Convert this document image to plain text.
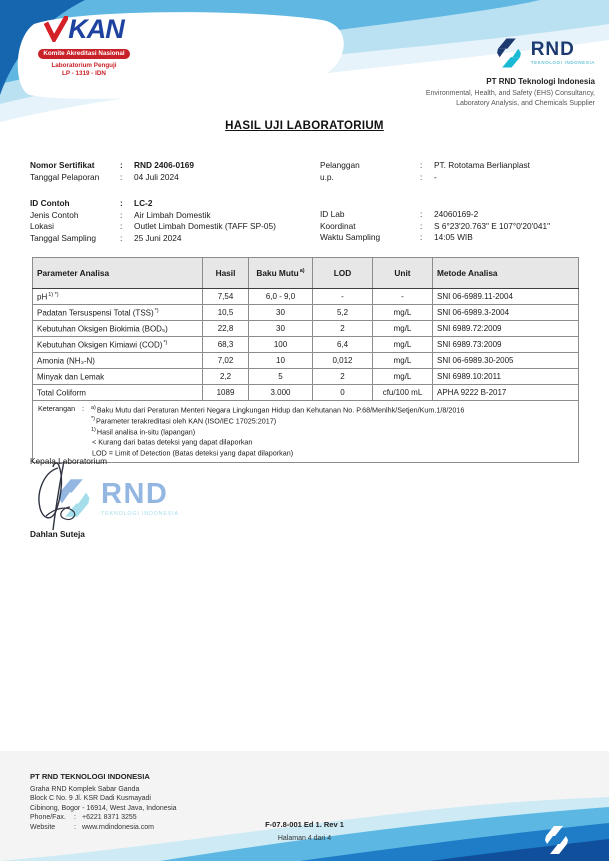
KAN
Komite Akreditasi Nasional
Laboratorium Penguji
LP - 1319 - IDN
RND
TEKNOLOGI INDONESIA
PT RND Teknologi Indonesia
Environmental, Health, and Safety (EHS) Consultancy,
Laboratory Analysis, and Chemicals Supplier
HASIL UJI LABORATORIUM
Nomor Sertifikat	:	RND 2406-0169
Tanggal Pelaporan	:	04 Juli 2024
Pelanggan	:	PT. Rototama Berlianplast
u.p.	:	-
ID Contoh	:	LC-2
Jenis Contoh	:	Air Limbah Domestik
Lokasi	:	Outlet Limbah Domestik (TAFF SP-05)
Tanggal Sampling	:	25 Juni 2024
ID Lab	:	24060169-2
Koordinat	:	S 6°23'20.763" E 107°0'20'041"
Waktu Sampling	:	14:05 WIB
Parameter Analisa	Hasil	Baku Mutu$^{a)}$	LOD	Unit	Metode Analisa
$pH^{1) *)}$	7,54	6,0 - 9,0	-	-	SNI 06-6989.11-2004
Padatan Tersuspensi Total (TSS)*)	10,5	30	5,2	mg/L	SNI 06-6989.3-2004
Kebutuhan Oksigen Biokimia (BOD₅)	22,8	30	2	mg/L	SNI 6989.72:2009
Kebutuhan Oksigen Kimiawi (COD)*)	68,3	100	6,4	mg/L	SNI 6989.73:2009
Amonia (NH₃-N)	7,02	10	0,012	mg/L	SNI 06-6989.30-2005
Minyak dan Lemak	2,2	5	2	mg/L	SNI 6989.10:2011
Total Coliform	1089	3.000	0	cfu/100 mL	APHA 9222 B-2017

Keterangan :	$^{a)}$Baku Mutu dari Peraturan Menteri Negara Lingkungan Hidup dan Kehutanan No. P.68/Menlhk/Setjen/Kum.1/8/2016
*)Parameter terakreditasi oleh KAN (ISO/IEC 17025:2017)
$^{1)}$Hasil analisa in-situ (lapangan)
< Kurang dari batas deteksi yang dapat dilaporkan
LOD = Limit of Detection (Batas deteksi yang dapat dilaporkan)
Kepala Laboratorium
RND
TEKNOLOGI INDONESIA
Dahlan Suteja
PT RND TEKNOLOGI INDONESIA
Graha RND Komplek Sabar Ganda
Block C No. 9 Jl. KSR Dadi Kusmayadi
Cibinong, Bogor - 16914, West Java, Indonesia
Phone/Fax.	: +6221 8371 3255
Website	: www.rndindonesia.com	F-07.8-001 Ed 1. Rev 1
Halaman 4 dari 4
